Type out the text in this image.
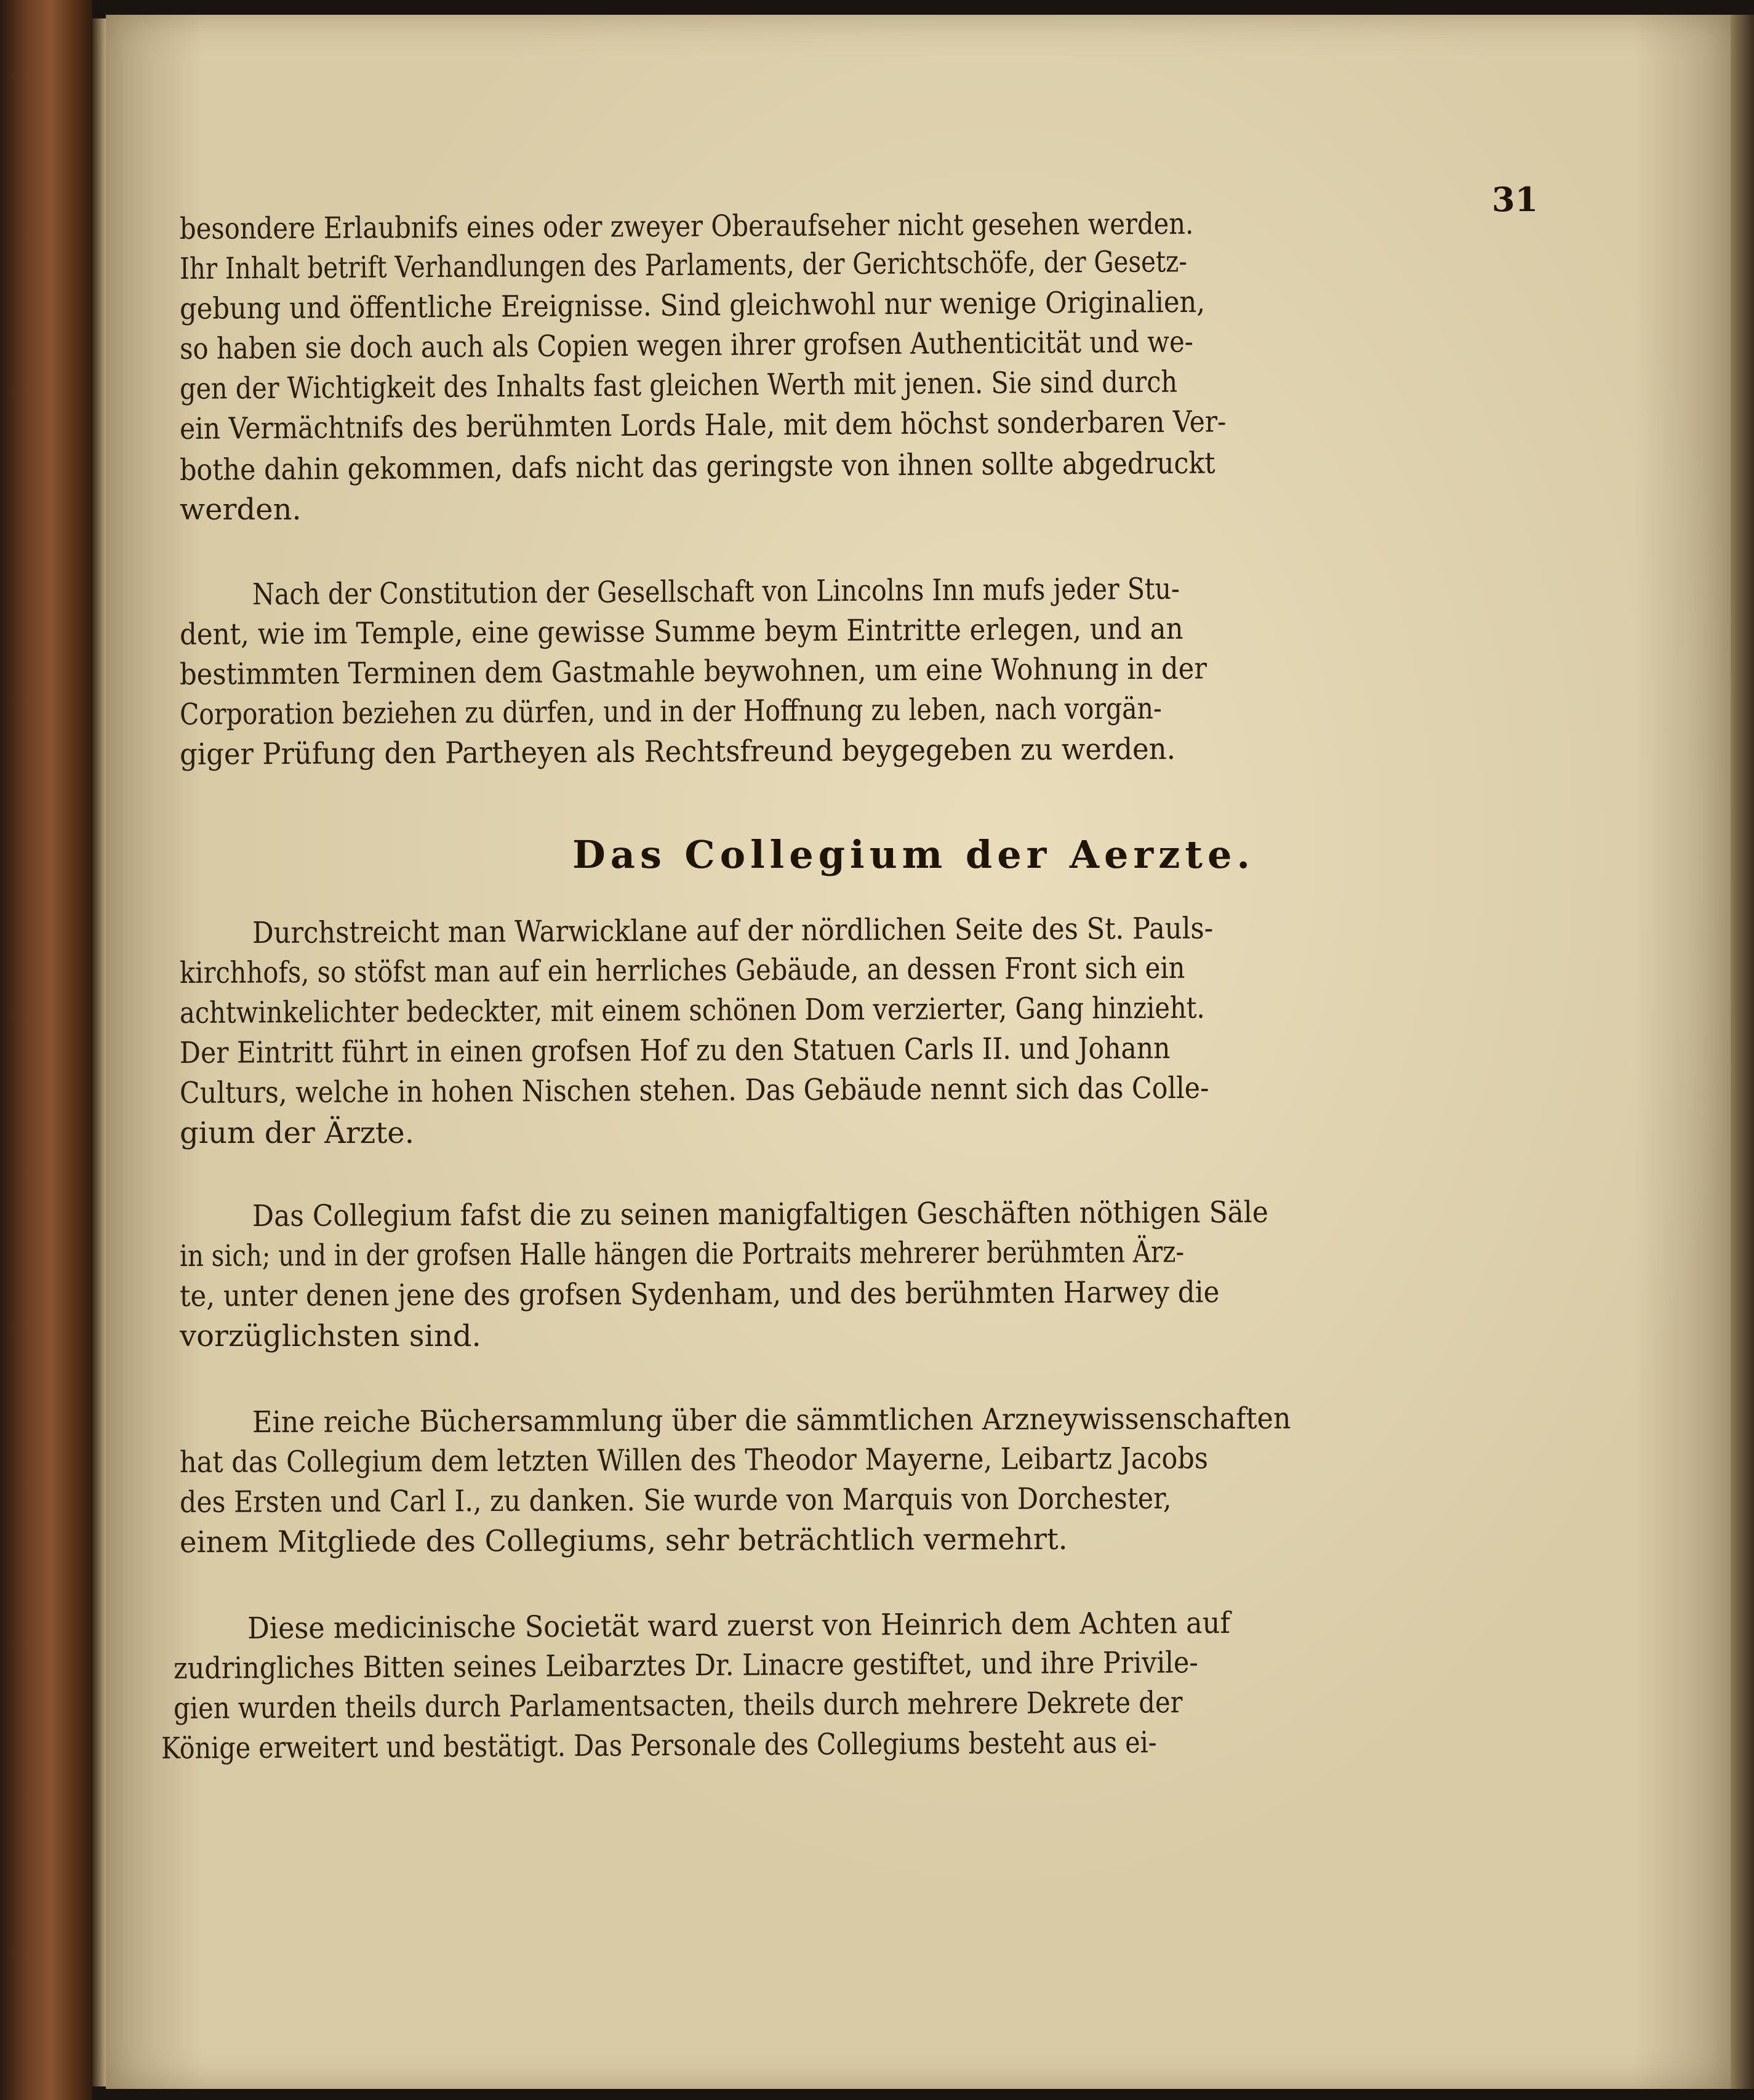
31
besondere Erlaubnifs eines oder zweyer Oberaufseher nicht gesehen werden.
Ihr Inhalt betrift Verhandlungen des Parlaments, der Gerichtschöfe, der Gesetz-
gebung und öffentliche Ereignisse. Sind gleichwohl nur wenige Originalien,
so haben sie doch auch als Copien wegen ihrer grofsen Authenticität und we-
gen der Wichtigkeit des Inhalts fast gleichen Werth mit jenen. Sie sind durch
ein Vermächtnifs des berühmten Lords Hale, mit dem höchst sonderbaren Ver-
bothe dahin gekommen, dafs nicht das geringste von ihnen sollte abgedruckt
werden.
Nach der Constitution der Gesellschaft von Lincolns Inn mufs jeder Stu-
dent, wie im Temple, eine gewisse Summe beym Eintritte erlegen, und an
bestimmten Terminen dem Gastmahle beywohnen, um eine Wohnung in der
Corporation beziehen zu dürfen, und in der Hoffnung zu leben, nach vorgän-
giger Prüfung den Partheyen als Rechtsfreund beygegeben zu werden.
Das Collegium der Aerzte.
Durchstreicht man Warwicklane auf der nördlichen Seite des St. Pauls-
kirchhofs, so stöfst man auf ein herrliches Gebäude, an dessen Front sich ein
achtwinkelichter bedeckter, mit einem schönen Dom verzierter, Gang hinzieht.
Der Eintritt führt in einen grofsen Hof zu den Statuen Carls II. und Johann
Culturs, welche in hohen Nischen stehen. Das Gebäude nennt sich das Colle-
gium der Ärzte.
Das Collegium fafst die zu seinen manigfaltigen Geschäften nöthigen Säle
in sich; und in der grofsen Halle hängen die Portraits mehrerer berühmten Ärz-
te, unter denen jene des grofsen Sydenham, und des berühmten Harwey die
vorzüglichsten sind.
Eine reiche Büchersammlung über die sämmtlichen Arzneywissenschaften
hat das Collegium dem letzten Willen des Theodor Mayerne, Leibartz Jacobs
des Ersten und Carl I., zu danken. Sie wurde von Marquis von Dorchester,
einem Mitgliede des Collegiums, sehr beträchtlich vermehrt.
Diese medicinische Societät ward zuerst von Heinrich dem Achten auf
zudringliches Bitten seines Leibarztes Dr. Linacre gestiftet, und ihre Privile-
gien wurden theils durch Parlamentsacten, theils durch mehrere Dekrete der
Könige erweitert und bestätigt. Das Personale des Collegiums besteht aus ei-
